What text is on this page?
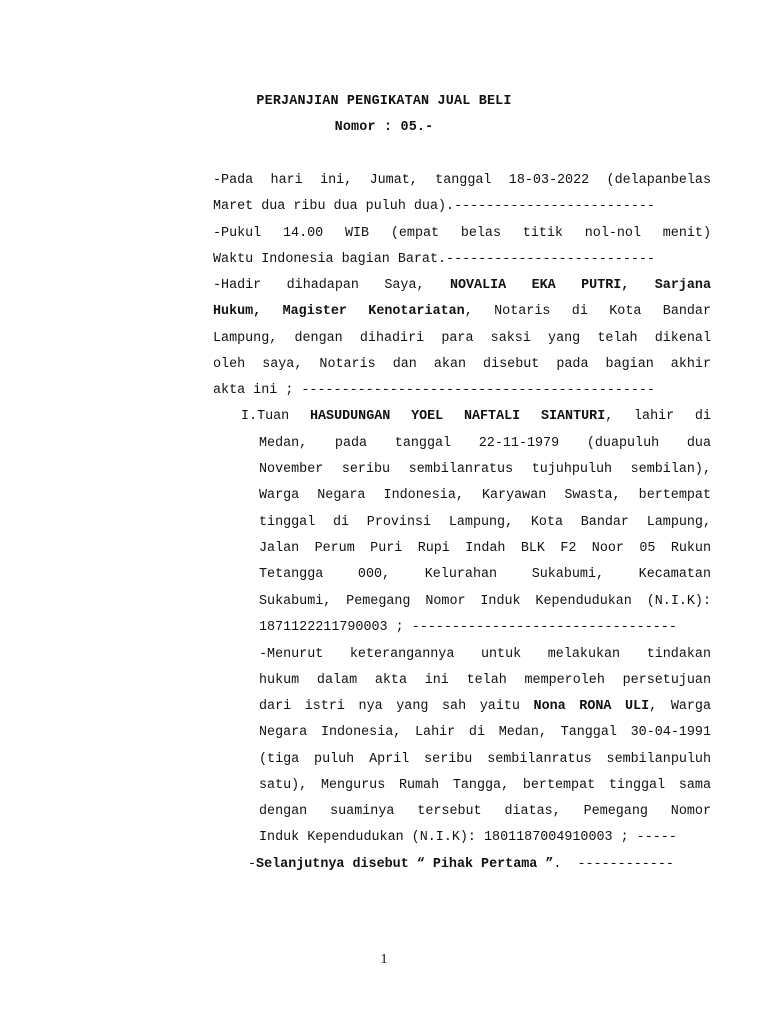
PERJANJIAN PENGIKATAN JUAL BELI
Nomor : 05.-
-Pada hari ini, Jumat, tanggal 18-03-2022 (delapanbelas
Maret dua ribu dua puluh dua).-------------------------
-Pukul 14.00 WIB (empat belas titik nol-nol menit)
Waktu Indonesia bagian Barat.--------------------------
-Hadir dihadapan Saya, NOVALIA EKA PUTRI, Sarjana
Hukum, Magister Kenotariatan, Notaris di Kota Bandar
Lampung, dengan dihadiri para saksi yang telah dikenal
oleh saya, Notaris dan akan disebut pada bagian akhir
akta ini ; --------------------------------------------
I.Tuan HASUDUNGAN YOEL NAFTALI SIANTURI, lahir di
Medan, pada tanggal 22-11-1979 (duapuluh dua
November seribu sembilanratus tujuhpuluh sembilan),
Warga Negara Indonesia, Karyawan Swasta, bertempat
tinggal di Provinsi Lampung, Kota Bandar Lampung,
Jalan Perum Puri Rupi Indah BLK F2 Noor 05 Rukun
Tetangga 000, Kelurahan Sukabumi, Kecamatan
Sukabumi, Pemegang Nomor Induk Kependudukan (N.I.K):
1871122211790003 ; ---------------------------------
-Menurut keterangannya untuk melakukan tindakan
hukum dalam akta ini telah memperoleh persetujuan
dari istri nya yang sah yaitu Nona RONA ULI, Warga
Negara Indonesia, Lahir di Medan, Tanggal 30-04-1991
(tiga puluh April seribu sembilanratus sembilanpuluh
satu), Mengurus Rumah Tangga, bertempat tinggal sama
dengan suaminya tersebut diatas, Pemegang Nomor
Induk Kependudukan (N.I.K): 1801187004910003 ; -----
-Selanjutnya disebut “ Pihak Pertama ”.  ------------
1
